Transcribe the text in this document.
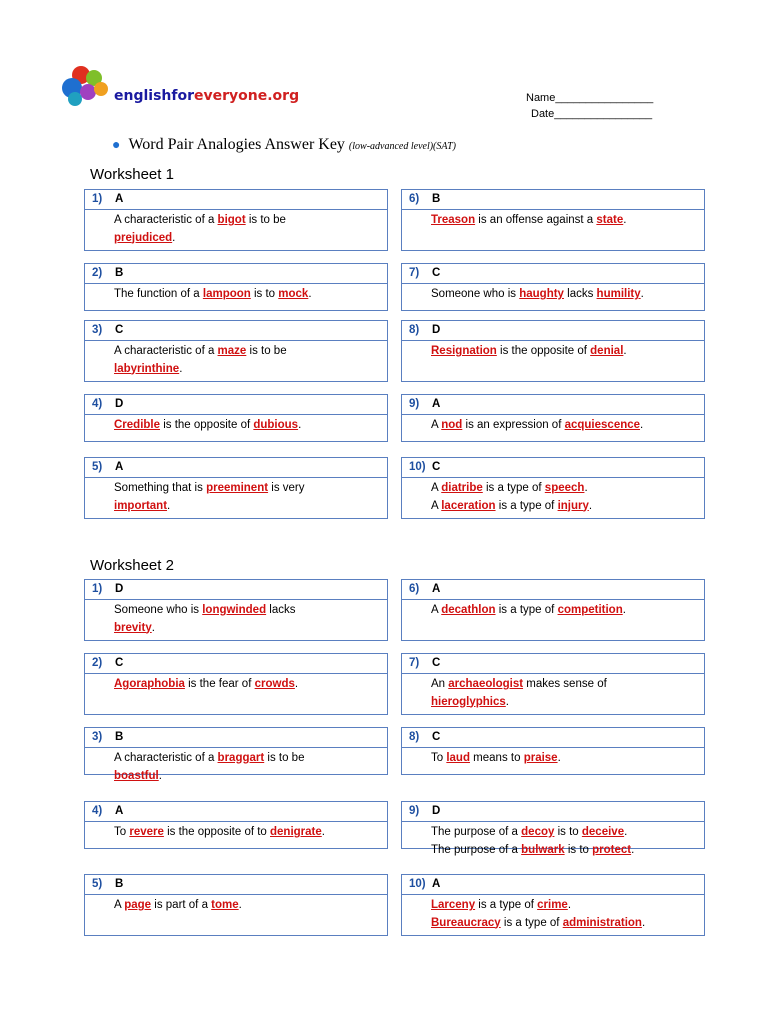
englishforeveryone.org	Name________________
Date________________
● Word Pair Analogies Answer Key (low-advanced level)(SAT)
Worksheet 1
Worksheet 2
1) A
A characteristic of a bigot is to be
prejudiced.
2) B
The function of a lampoon is to mock.
3) C
A characteristic of a maze is to be
labyrinthine.
4) D
Credible is the opposite of dubious.
5) A
Something that is preeminent is very
important.
6) B
Treason is an offense against a state.
7) C
Someone who is haughty lacks humility.
8) D
Resignation is the opposite of denial.
9) A
A nod is an expression of acquiescence.
10) C
A diatribe is a type of speech.
A laceration is a type of injury.
1) D
Someone who is longwinded lacks
brevity.
2) C
Agoraphobia is the fear of crowds.
3) B
A characteristic of a braggart is to be
boastful.
4) A
To revere is the opposite of to denigrate.
5) B
A page is part of a tome.
6) A
A decathlon is a type of competition.
7) C
An archaeologist makes sense of
hieroglyphics.
8) C
To laud means to praise.
9) D
The purpose of a decoy is to deceive.
The purpose of a bulwark is to protect.
10) A
Larceny is a type of crime.
Bureaucracy is a type of administration.
